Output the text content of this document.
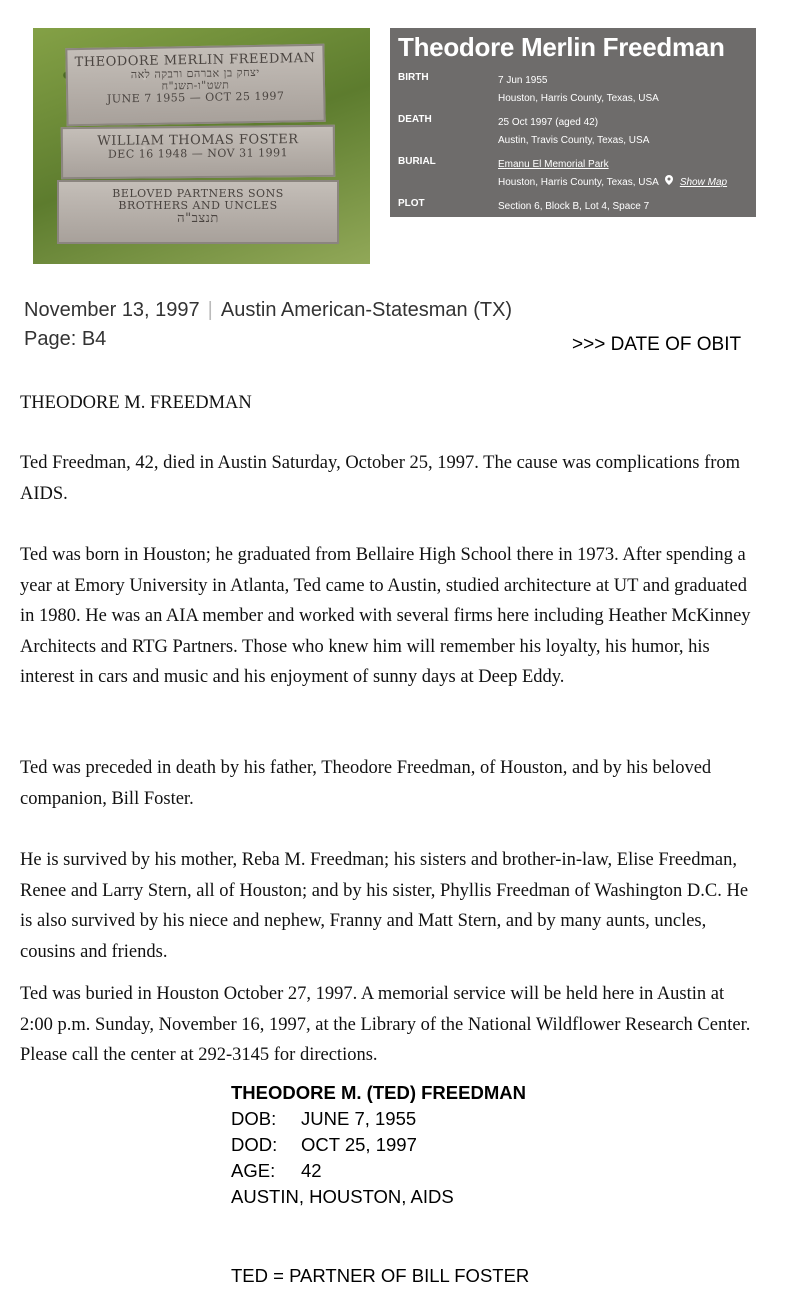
THEODORE MERLIN FREEDMAN
יצחק בן אברהם ורבקה לאה
תשט"ו-תשנ"ח
JUNE 7 1955 — OCT 25 1997
WILLIAM THOMAS FOSTER
DEC 16 1948 — NOV 31 1991
BELOVED PARTNERS SONS
BROTHERS AND UNCLES
תנצב"ה
Theodore Merlin Freedman
BIRTH	7 Jun 1955
Houston, Harris County, Texas, USA
DEATH	25 Oct 1997 (aged 42)
Austin, Travis County, Texas, USA
BURIAL	Emanu El Memorial Park
Houston, Harris County, Texas, USA Show Map
PLOT	Section 6, Block B, Lot 4, Space 7
November 13, 1997 | Austin American-Statesman (TX)
Page: B4	>>> DATE OF OBIT

THEODORE M. FREEDMAN

Ted Freedman, 42, died in Austin Saturday, October 25, 1997. The cause was complications from AIDS.

Ted was born in Houston; he graduated from Bellaire High School there in 1973. After spending a year at Emory University in Atlanta, Ted came to Austin, studied architecture at UT and graduated in 1980. He was an AIA member and worked with several firms here including Heather McKinney Architects and RTG Partners. Those who knew him will remember his loyalty, his humor, his interest in cars and music and his enjoyment of sunny days at Deep Eddy.

Ted was preceded in death by his father, Theodore Freedman, of Houston, and by his beloved companion, Bill Foster.

He is survived by his mother, Reba M. Freedman; his sisters and brother-in-law, Elise Freedman, Renee and Larry Stern, all of Houston; and by his sister, Phyllis Freedman of Washington D.C. He is also survived by his niece and nephew, Franny and Matt Stern, and by many aunts, uncles, cousins and friends.

Ted was buried in Houston October 27, 1997. A memorial service will be held here in Austin at 2:00 p.m. Sunday, November 16, 1997, at the Library of the National Wildflower Research Center. Please call the center at 292-3145 for directions.

THEODORE M. (TED) FREEDMAN
DOB: JUNE 7, 1955
DOD: OCT 25, 1997
AGE: 42
AUSTIN, HOUSTON, AIDS
TED = PARTNER OF BILL FOSTER
